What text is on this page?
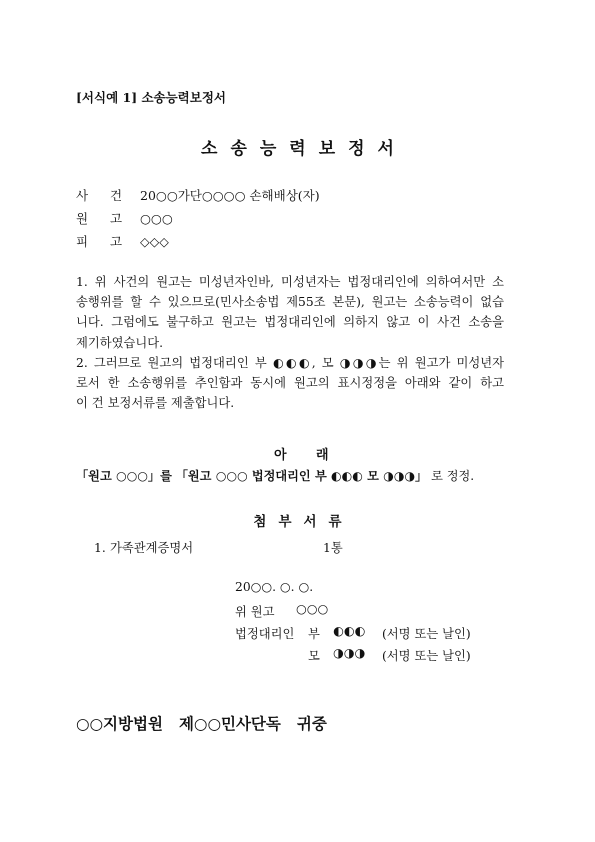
[서식예 1] 소송능력보정서
소송능력보정서
사 건 20○○가단○○○○ 손해배상(자)
원 고 ○○○
피 고 ◇◇◇
1. 위 사건의 원고는 미성년자인바, 미성년자는 법정대리인에 의하여서만 소
송행위를 할 수 있으므로(민사소송법 제55조 본문), 원고는 소송능력이 없습
니다. 그럼에도 불구하고 원고는 법정대리인에 의하지 않고 이 사건 소송을
제기하였습니다.
2. 그러므로 원고의 법정대리인 부 ◐◐◐, 모 ◑◑◑는 위 원고가 미성년자
로서 한 소송행위를 추인함과 동시에 원고의 표시정정을 아래와 같이 하고
이 건 보정서류를 제출합니다.
아 래
「원고 ○○○」를 「원고 ○○○ 법정대리인 부 ◐◐◐ 모 ◑◑◑」 로 정정.
첨부서류
1. 가족관계증명서	1통
20○○. ○. ○.
위 원고 ○○○
법정대리인 부 ◐◐◐ (서명 또는 날인)
모 ◑◑◑ (서명 또는 날인)
○○지방법원 제○○민사단독 귀중
